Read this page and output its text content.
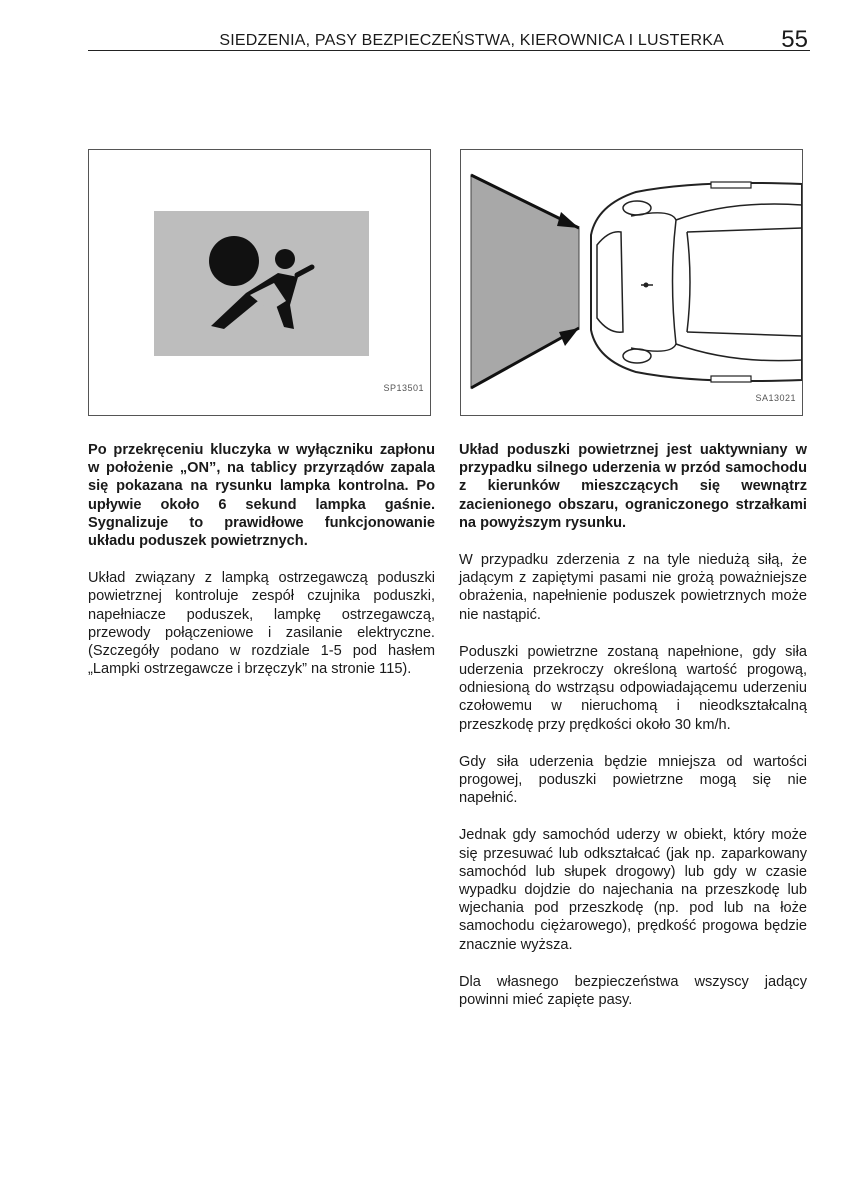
SIEDZENIA, PASY BEZPIECZEŃSTWA, KIEROWNICA I LUSTERKA 55
SP13501
SA13021

Po przekręceniu kluczyka w wyłączniku zapłonu w położenie „ON”, na tablicy przyrządów zapala się pokazana na rysunku lampka kontrolna. Po upływie około 6 sekund lampka gaśnie. Sygnalizuje to prawidłowe funkcjonowanie układu poduszek powietrznych.

Układ związany z lampką ostrzegawczą poduszki powietrznej kontroluje zespół czujnika poduszki, napełniacze poduszek, lampkę ostrzegawczą, przewody połączeniowe i zasilanie elektryczne. (Szczegóły podano w rozdziale 1-5 pod hasłem „Lampki ostrzegawcze i brzęczyk” na stronie 115).

Układ poduszki powietrznej jest uaktywniany w przypadku silnego uderzenia w przód samochodu z kierunków mieszczących się wewnątrz zacienionego obszaru, ograniczonego strzałkami na powyższym rysunku.

W przypadku zderzenia z na tyle niedużą siłą, że jadącym z zapiętymi pasami nie grożą poważniejsze obrażenia, napełnienie poduszek powietrznych może nie nastąpić.

Poduszki powietrzne zostaną napełnione, gdy siła uderzenia przekroczy określoną wartość progową, odniesioną do wstrząsu odpowiadającemu uderzeniu czołowemu w nieruchomą i nieodkształcalną przeszkodę przy prędkości około 30 km/h.

Gdy siła uderzenia będzie mniejsza od wartości progowej, poduszki powietrzne mogą się nie napełnić.

Jednak gdy samochód uderzy w obiekt, który może się przesuwać lub odkształcać (jak np. zaparkowany samochód lub słupek drogowy) lub gdy w czasie wypadku dojdzie do najechania na przeszkodę lub wjechania pod przeszkodę (np. pod lub na łoże samochodu ciężarowego), prędkość progowa będzie znacznie wyższa.

Dla własnego bezpieczeństwa wszyscy jadący powinni mieć zapięte pasy.
